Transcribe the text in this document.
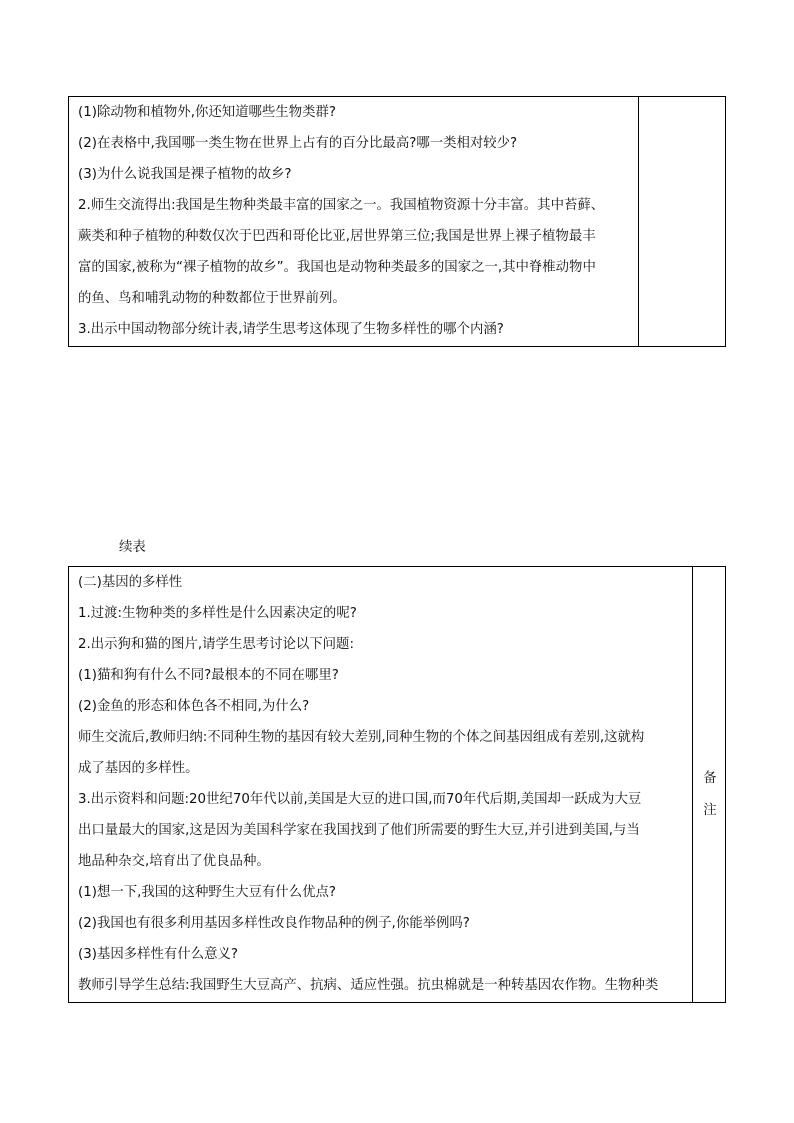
(1)除动物和植物外,你还知道哪些生物类群?
(2)在表格中,我国哪一类生物在世界上占有的百分比最高?哪一类相对较少?
(3)为什么说我国是裸子植物的故乡?
2.师生交流得出:我国是生物种类最丰富的国家之一。我国植物资源十分丰富。其中苔藓、
蕨类和种子植物的种数仅次于巴西和哥伦比亚,居世界第三位;我国是世界上裸子植物最丰
富的国家,被称为“裸子植物的故乡”。我国也是动物种类最多的国家之一,其中脊椎动物中
的鱼、鸟和哺乳动物的种数都位于世界前列。
3.出示中国动物部分统计表,请学生思考这体现了生物多样性的哪个内涵?
续表
(二)基因的多样性
1.过渡:生物种类的多样性是什么因素决定的呢?
2.出示狗和猫的图片,请学生思考讨论以下问题:
(1)猫和狗有什么不同?最根本的不同在哪里?
(2)金鱼的形态和体色各不相同,为什么?
师生交流后,教师归纳:不同种生物的基因有较大差别,同种生物的个体之间基因组成有差别,这就构
成了基因的多样性。
3.出示资料和问题:20世纪70年代以前,美国是大豆的进口国,而70年代后期,美国却一跃成为大豆
出口量最大的国家,这是因为美国科学家在我国找到了他们所需要的野生大豆,并引进到美国,与当
地品种杂交,培育出了优良品种。
(1)想一下,我国的这种野生大豆有什么优点?
(2)我国也有很多利用基因多样性改良作物品种的例子,你能举例吗?
(3)基因多样性有什么意义?
教师引导学生总结:我国野生大豆高产、抗病、适应性强。抗虫棉就是一种转基因农作物。生物种类
备
注
